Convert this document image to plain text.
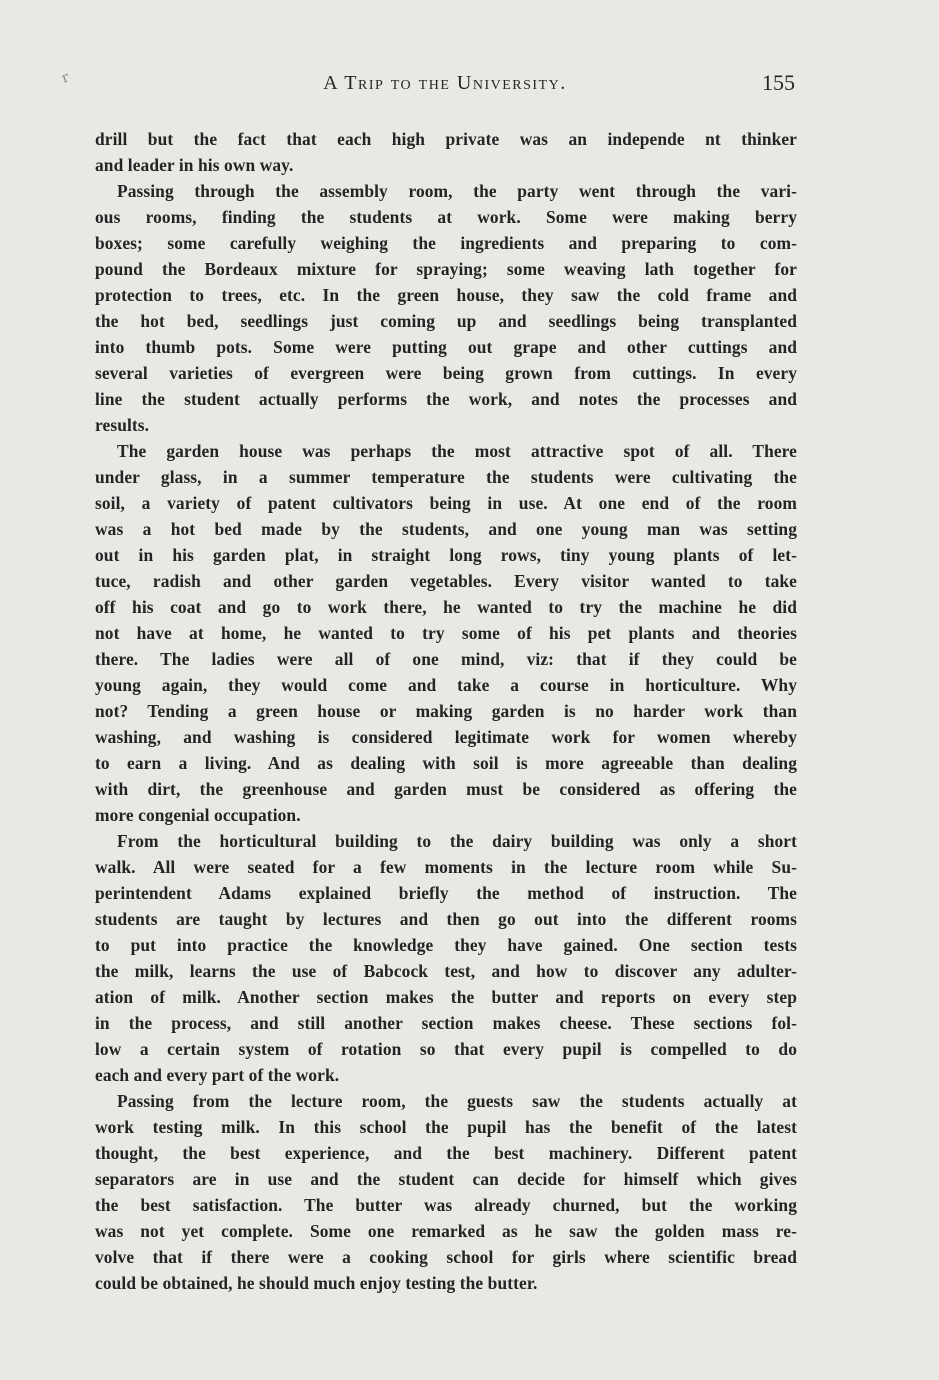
r	A Trip to the University.	155
drill but the fact that each high private was an independe nt thinker
and leader in his own way.
Passing through the assembly room, the party went through the vari-
ous rooms, finding the students at work. Some were making berry
boxes; some carefully weighing the ingredients and preparing to com-
pound the Bordeaux mixture for spraying; some weaving lath together for
protection to trees, etc. In the green house, they saw the cold frame and
the hot bed, seedlings just coming up and seedlings being transplanted
into thumb pots. Some were putting out grape and other cuttings and
several varieties of evergreen were being grown from cuttings. In every
line the student actually performs the work, and notes the processes and
results.
The garden house was perhaps the most attractive spot of all. There
under glass, in a summer temperature the students were cultivating the
soil, a variety of patent cultivators being in use. At one end of the room
was a hot bed made by the students, and one young man was setting
out in his garden plat, in straight long rows, tiny young plants of let-
tuce, radish and other garden vegetables. Every visitor wanted to take
off his coat and go to work there, he wanted to try the machine he did
not have at home, he wanted to try some of his pet plants and theories
there. The ladies were all of one mind, viz: that if they could be
young again, they would come and take a course in horticulture. Why
not? Tending a green house or making garden is no harder work than
washing, and washing is considered legitimate work for women whereby
to earn a living. And as dealing with soil is more agreeable than dealing
with dirt, the greenhouse and garden must be considered as offering the
more congenial occupation.
From the horticultural building to the dairy building was only a short
walk. All were seated for a few moments in the lecture room while Su-
perintendent Adams explained briefly the method of instruction. The
students are taught by lectures and then go out into the different rooms
to put into practice the knowledge they have gained. One section tests
the milk, learns the use of Babcock test, and how to discover any adulter-
ation of milk. Another section makes the butter and reports on every step
in the process, and still another section makes cheese. These sections fol-
low a certain system of rotation so that every pupil is compelled to do
each and every part of the work.
Passing from the lecture room, the guests saw the students actually at
work testing milk. In this school the pupil has the benefit of the latest
thought, the best experience, and the best machinery. Different patent
separators are in use and the student can decide for himself which gives
the best satisfaction. The butter was already churned, but the working
was not yet complete. Some one remarked as he saw the golden mass re-
volve that if there were a cooking school for girls where scientific bread
could be obtained, he should much enjoy testing the butter.
